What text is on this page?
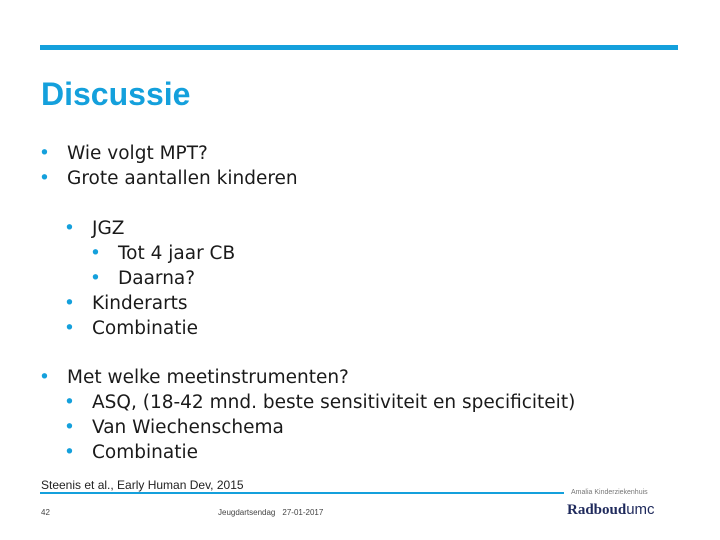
Discussie
• Wie volgt MPT?
• Grote aantallen kinderen
• JGZ
• Tot 4 jaar CB
• Daarna?
• Kinderarts
• Combinatie
• Met welke meetinstrumenten?
• ASQ, (18-42 mnd. beste sensitiviteit en specificiteit)
• Van Wiechenschema
• Combinatie

Steenis et al., Early Human Dev, 2015

42	Jeugdartsendag 27-01-2017
Amalia Kinderziekenhuis
Radboudumc
